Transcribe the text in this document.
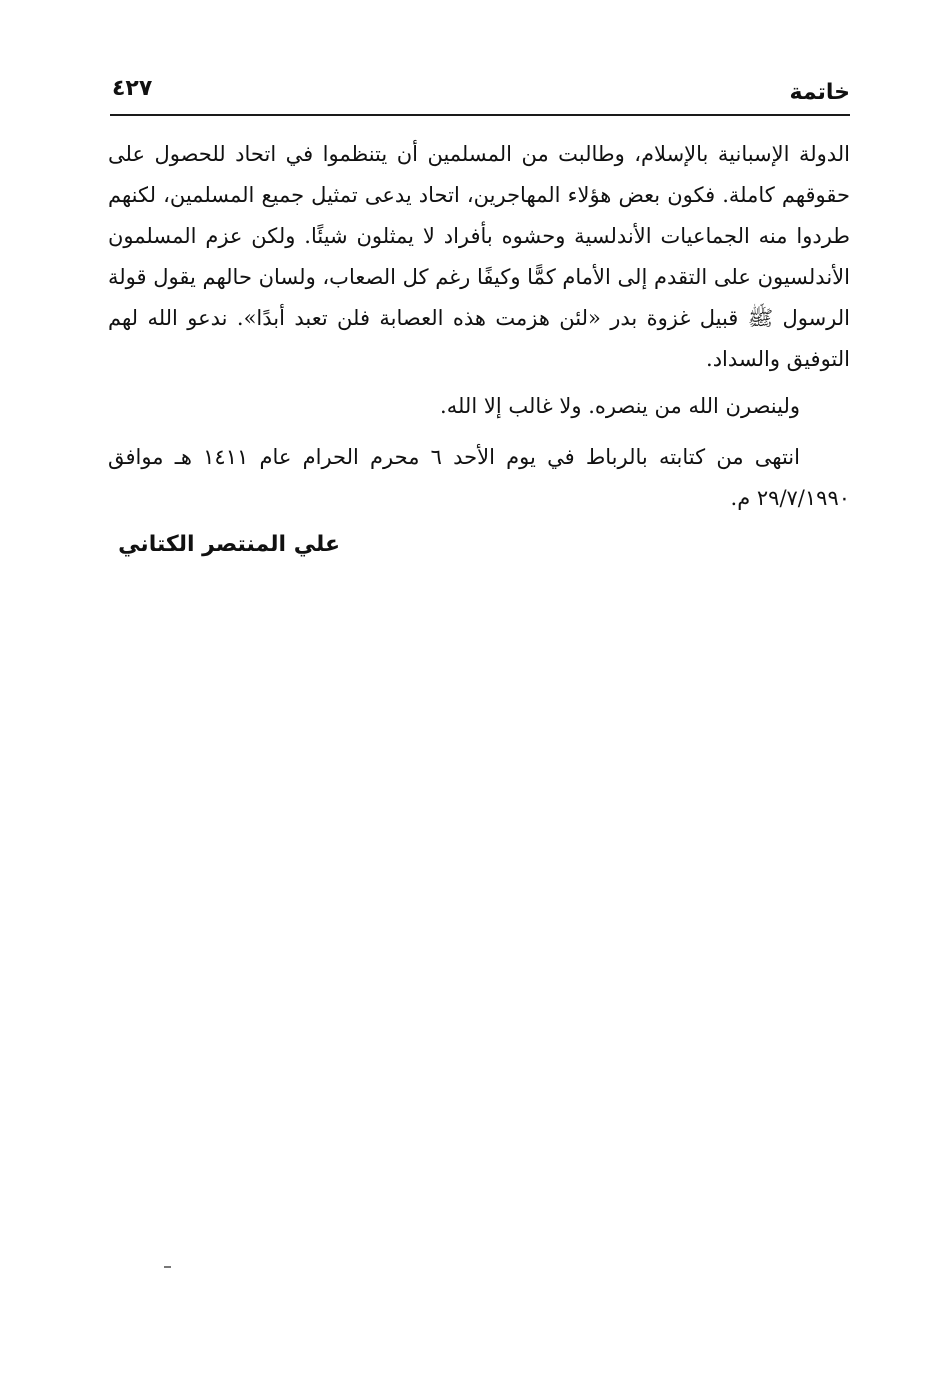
خاتمة
٤٢٧

الدولة الإسبانية بالإسلام، وطالبت من المسلمين أن يتنظموا في اتحاد للحصول على حقوقهم كاملة. فكون بعض هؤلاء المهاجرين، اتحاد يدعى تمثيل جميع المسلمين، لكنهم طردوا منه الجماعيات الأندلسية وحشوه بأفراد لا يمثلون شيئًا. ولكن عزم المسلمون الأندلسيون على التقدم إلى الأمام كمًّا وكيفًا رغم كل الصعاب، ولسان حالهم يقول قولة الرسول ﷺ قبيل غزوة بدر «لئن هزمت هذه العصابة فلن تعبد أبدًا». ندعو الله لهم التوفيق والسداد.

ولينصرن الله من ينصره. ولا غالب إلا الله.

انتهى من كتابته بالرباط في يوم الأحد ٦ محرم الحرام عام ١٤١١ هـ موافق ٢٩/٧/١٩٩٠ م.

علي المنتصر الكتاني
